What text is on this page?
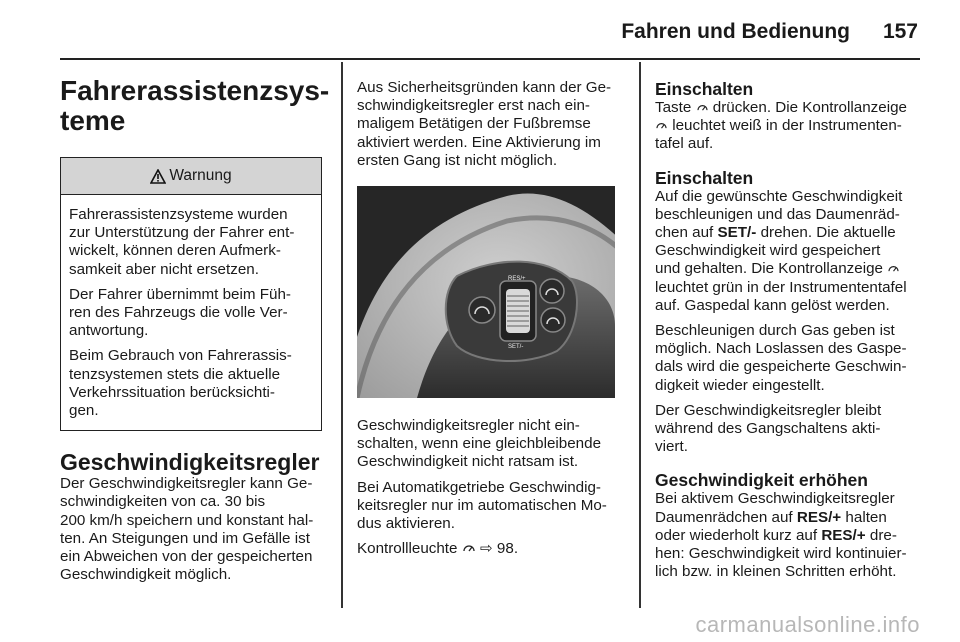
Fahren und Bedienung 157
Fahrerassistenzsys-
teme
Warnung

Fahrerassistenzsysteme wurden
zur Unterstützung der Fahrer ent-
wickelt, können deren Aufmerk-
samkeit aber nicht ersetzen.

Der Fahrer übernimmt beim Füh-
ren des Fahrzeugs die volle Ver-
antwortung.

Beim Gebrauch von Fahrerassis-
tenzsystemen stets die aktuelle
Verkehrssituation berücksichti-
gen.

Geschwindigkeitsregler

Der Geschwindigkeitsregler kann Ge-
schwindigkeiten von ca. 30 bis
200 km/h speichern und konstant hal-
ten. An Steigungen und im Gefälle ist
ein Abweichen von der gespeicherten
Geschwindigkeit möglich.

Aus Sicherheitsgründen kann der Ge-
schwindigkeitsregler erst nach ein-
maligem Betätigen der Fußbremse
aktiviert werden. Eine Aktivierung im
ersten Gang ist nicht möglich.

RES/+
SET/-

Geschwindigkeitsregler nicht ein-
schalten, wenn eine gleichbleibende
Geschwindigkeit nicht ratsam ist.

Bei Automatikgetriebe Geschwindig-
keitsregler nur im automatischen Mo-
dus aktivieren.

Kontrollleuchte ⇨ 98.

Einschalten

Taste drücken. Die Kontrollanzeige
leuchtet weiß in der Instrumenten-
tafel auf.

Einschalten

Auf die gewünschte Geschwindigkeit
beschleunigen und das Daumenräd-
chen auf SET/- drehen. Die aktuelle
Geschwindigkeit wird gespeichert
und gehalten. Die Kontrollanzeige
leuchtet grün in der Instrumententafel
auf. Gaspedal kann gelöst werden.

Beschleunigen durch Gas geben ist
möglich. Nach Loslassen des Gaspe-
dals wird die gespeicherte Geschwin-
digkeit wieder eingestellt.

Der Geschwindigkeitsregler bleibt
während des Gangschaltens akti-
viert.

Geschwindigkeit erhöhen

Bei aktivem Geschwindigkeitsregler
Daumenrädchen auf RES/+ halten
oder wiederholt kurz auf RES/+ dre-
hen: Geschwindigkeit wird kontinuier-
lich bzw. in kleinen Schritten erhöht.

carmanualsonline.info
